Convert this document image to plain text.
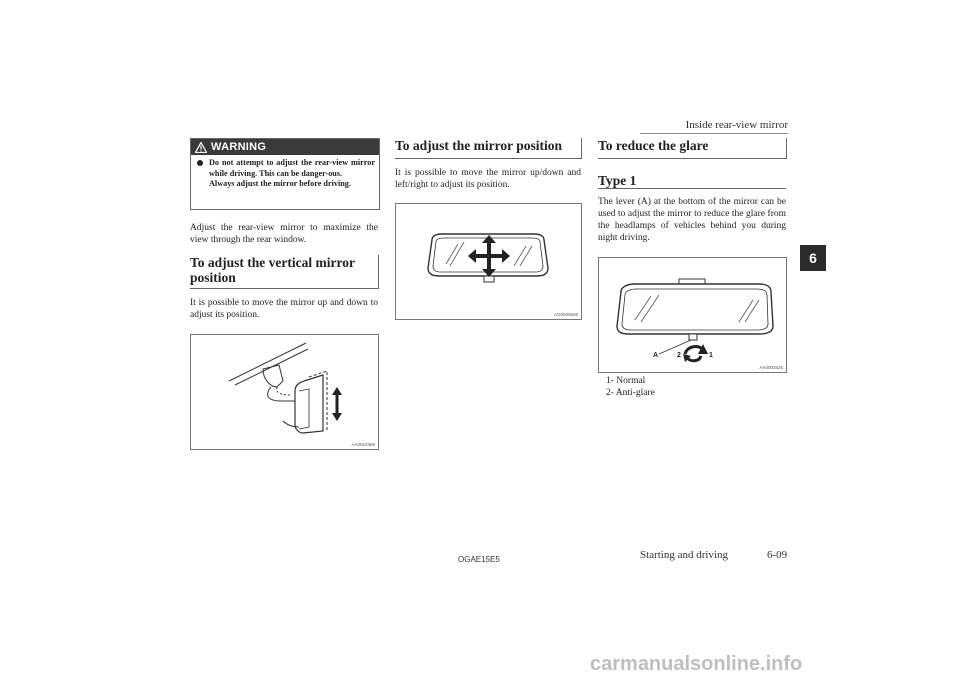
Inside rear-view mirror
6
WARNING
Do not attempt to adjust the rear-view mirror while driving. This can be danger-ous.
Always adjust the mirror before driving.
Adjust the rear-view mirror to maximize the view through the rear window.
To adjust the vertical mirror position
It is possible to move the mirror up and down to adjust its position.
AA0022369
To adjust the mirror position
It is possible to move the mirror up/down and left/right to adjust its position.
AG0005506
To reduce the glare
Type 1
The lever (A) at the bottom of the mirror can be used to adjust the mirror to reduce the glare from the headlamps of vehicles behind you during night driving.
A	2	1
AA0003425
1- Normal
2- Anti-glare
OGAE15E5	Starting and driving	6-09
carmanualsonline.info
